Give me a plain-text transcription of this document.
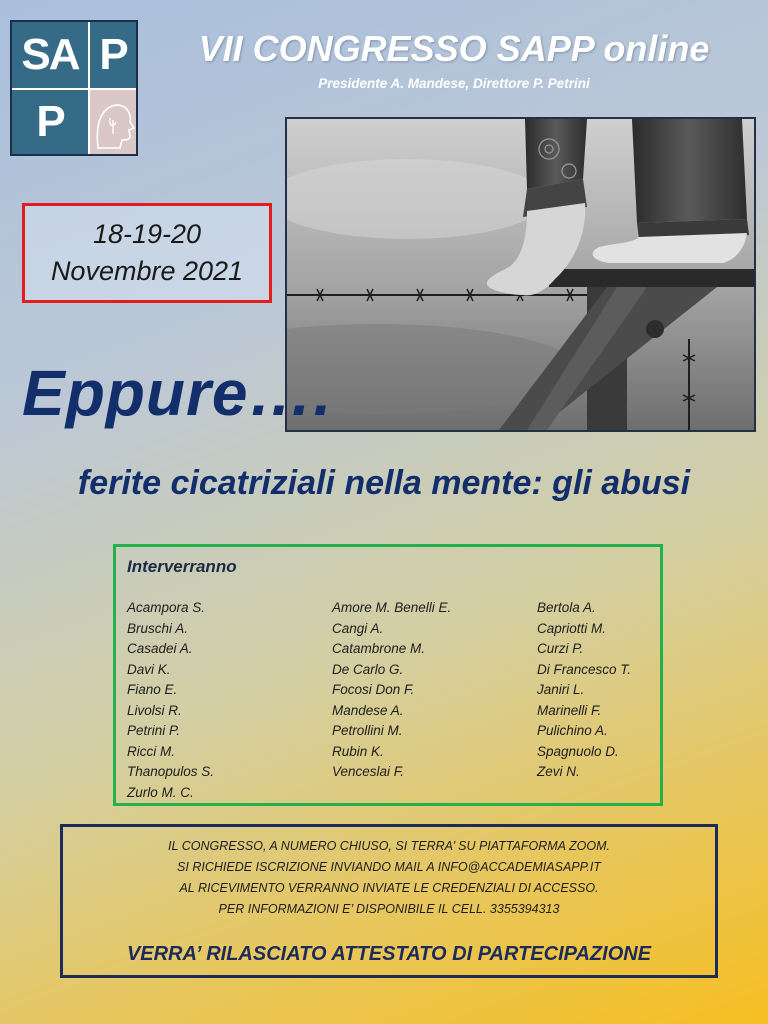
S A P
P
VII CONGRESSO SAPP online
Presidente A. Mandese, Direttore P. Petrini
18-19-20
Novembre 2021
Eppure….
ferite cicatriziali nella mente: gli abusi
Interverranno
Acampora S.
Bruschi A.
Casadei A.
Davi K.
Fiano E.
Livolsi R.
Petrini P.
Ricci M.
Thanopulos S.
Zurlo M. C.
Amore M. Benelli E.
Cangi A.
Catambrone M.
De Carlo G.
Focosi Don F.
Mandese A.
Petrollini M.
Rubin K.
Venceslai F.
Bertola A.
Capriotti M.
Curzi P.
Di Francesco T.
Janiri L.
Marinelli F.
Pulichino A.
Spagnuolo D.
Zevi N.
IL CONGRESSO, A NUMERO CHIUSO, SI TERRA’ SU PIATTAFORMA ZOOM.
SI RICHIEDE ISCRIZIONE INVIANDO MAIL A INFO@ACCADEMIASAPP.IT
AL RICEVIMENTO VERRANNO INVIATE LE CREDENZIALI DI ACCESSO.
PER INFORMAZIONI E’ DISPONIBILE IL CELL. 3355394313
VERRA’ RILASCIATO ATTESTATO DI PARTECIPAZIONE
